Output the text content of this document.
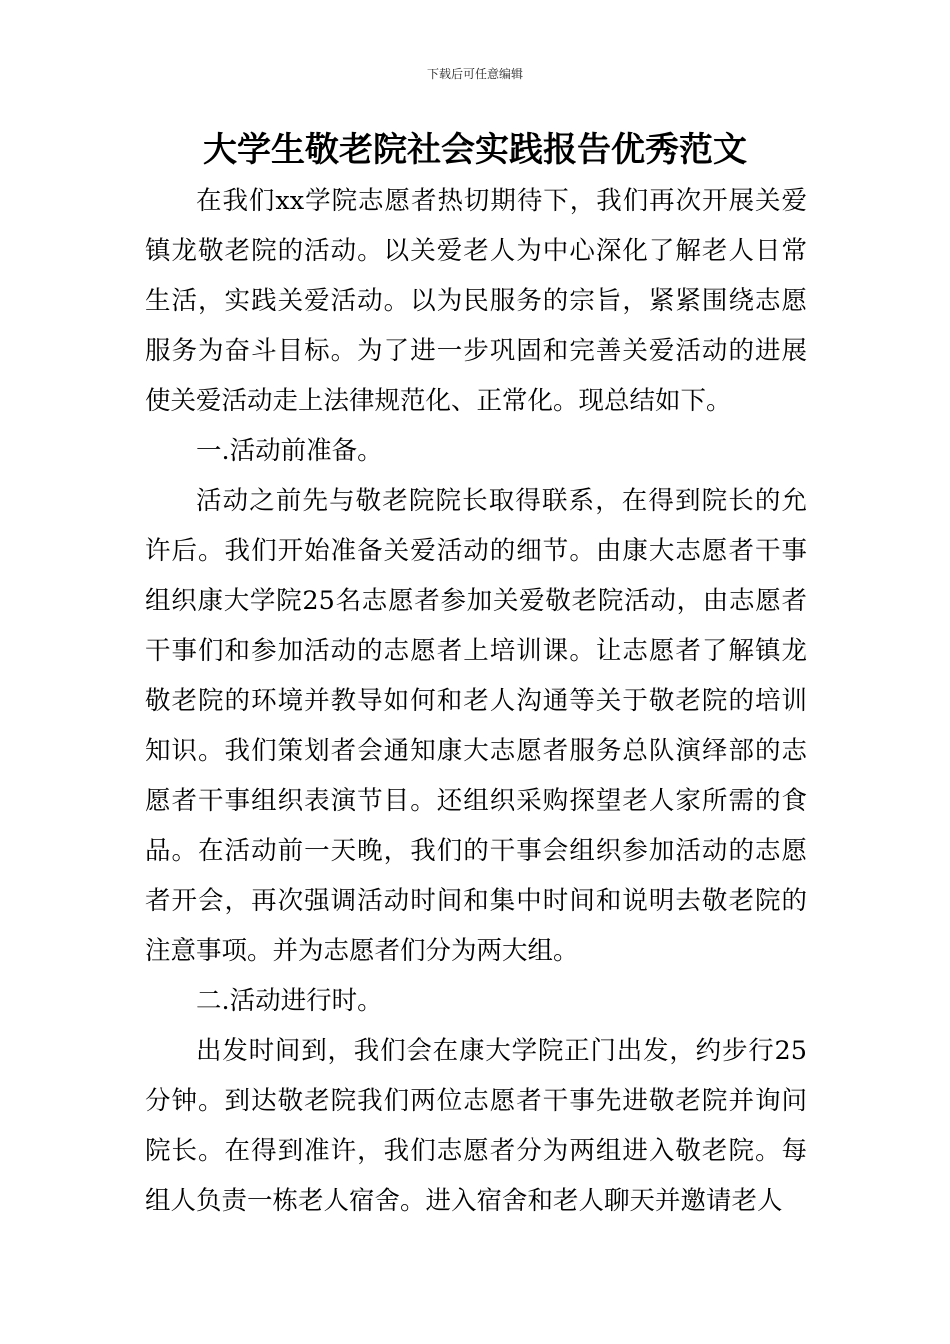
下载后可任意编辑
大学生敬老院社会实践报告优秀范文

在我们xx学院志愿者热切期待下，我们再次开展关爱镇龙敬老院的活动。以关爱老人为中心深化了解老人日常生活，实践关爱活动。以为民服务的宗旨，紧紧围绕志愿服务为奋斗目标。为了进一步巩固和完善关爱活动的进展使关爱活动走上法律规范化、正常化。现总结如下。

一.活动前准备。

活动之前先与敬老院院长取得联系，在得到院长的允许后。我们开始准备关爱活动的细节。由康大志愿者干事组织康大学院25名志愿者参加关爱敬老院活动，由志愿者干事们和参加活动的志愿者上培训课。让志愿者了解镇龙敬老院的环境并教导如何和老人沟通等关于敬老院的培训知识。我们策划者会通知康大志愿者服务总队演绎部的志愿者干事组织表演节目。还组织采购探望老人家所需的食品。在活动前一天晚，我们的干事会组织参加活动的志愿者开会，再次强调活动时间和集中时间和说明去敬老院的注意事项。并为志愿者们分为两大组。

二.活动进行时。

出发时间到，我们会在康大学院正门出发，约步行25分钟。到达敬老院我们两位志愿者干事先进敬老院并询问院长。在得到准许，我们志愿者分为两组进入敬老院。每组人负责一栋老人宿舍。进入宿舍和老人聊天并邀请老人
